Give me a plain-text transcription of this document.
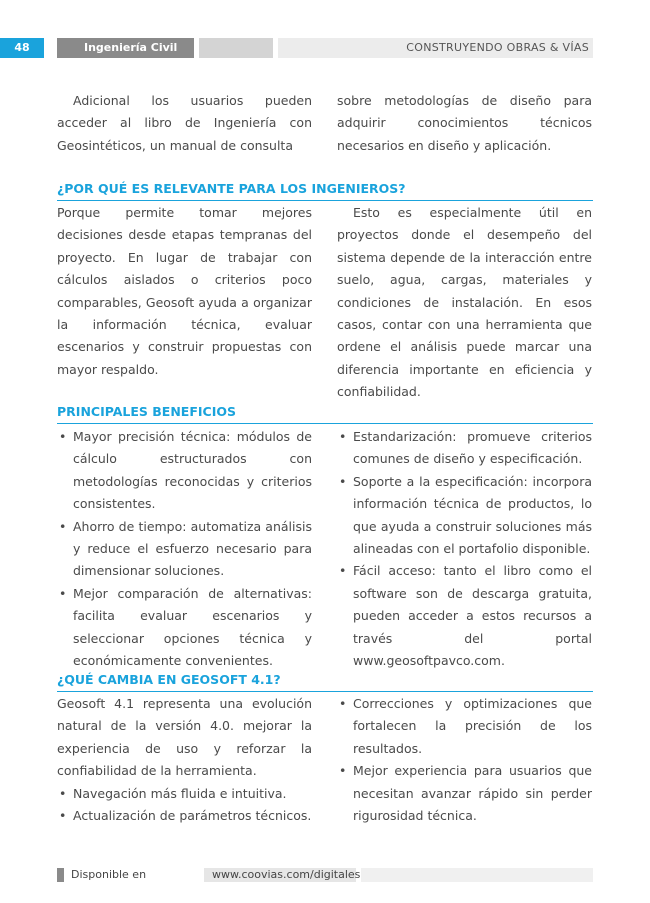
48	Ingeniería Civil	CONSTRUYENDO OBRAS & VÍAS

Adicional los usuarios pueden acceder al libro de Ingeniería con Geosintéticos, un manual de consulta

sobre metodologías de diseño para adquirir conocimientos técnicos necesarios en diseño y aplicación.

¿POR QUÉ ES RELEVANTE PARA LOS INGENIEROS?

Porque permite tomar mejores decisiones desde etapas tempranas del proyecto. En lugar de trabajar con cálculos aislados o criterios poco comparables, Geosoft ayuda a organizar la información técnica, evaluar escenarios y construir propuestas con mayor respaldo.

Esto es especialmente útil en proyectos donde el desempeño del sistema depende de la interacción entre suelo, agua, cargas, materiales y condiciones de instalación. En esos casos, contar con una herramienta que ordene el análisis puede marcar una diferencia importante en eficiencia y confiabilidad.

PRINCIPALES BENEFICIOS
• Mayor precisión técnica: módulos de cálculo estructurados con metodologías reconocidas y criterios consistentes.
• Ahorro de tiempo: automatiza análisis y reduce el esfuerzo necesario para dimensionar soluciones.
• Mejor comparación de alternativas: facilita evaluar escenarios y seleccionar opciones técnica y económicamente convenientes.
• Estandarización: promueve criterios comunes de diseño y especificación.
• Soporte a la especificación: incorpora información técnica de productos, lo que ayuda a construir soluciones más alineadas con el portafolio disponible.
• Fácil acceso: tanto el libro como el software son de descarga gratuita, pueden acceder a estos recursos a través del portal www.geosoftpavco.com.
¿QUÉ CAMBIA EN GEOSOFT 4.1?

Geosoft 4.1 representa una evolución natural de la versión 4.0. mejorar la experiencia de uso y reforzar la confiabilidad de la herramienta.

• Navegación más fluida e intuitiva.
• Actualización de parámetros técnicos.
• Correcciones y optimizaciones que fortalecen la precisión de los resultados.
• Mejor experiencia para usuarios que necesitan avanzar rápido sin perder rigurosidad técnica.
Disponible en	www.coovias.com/digitales
